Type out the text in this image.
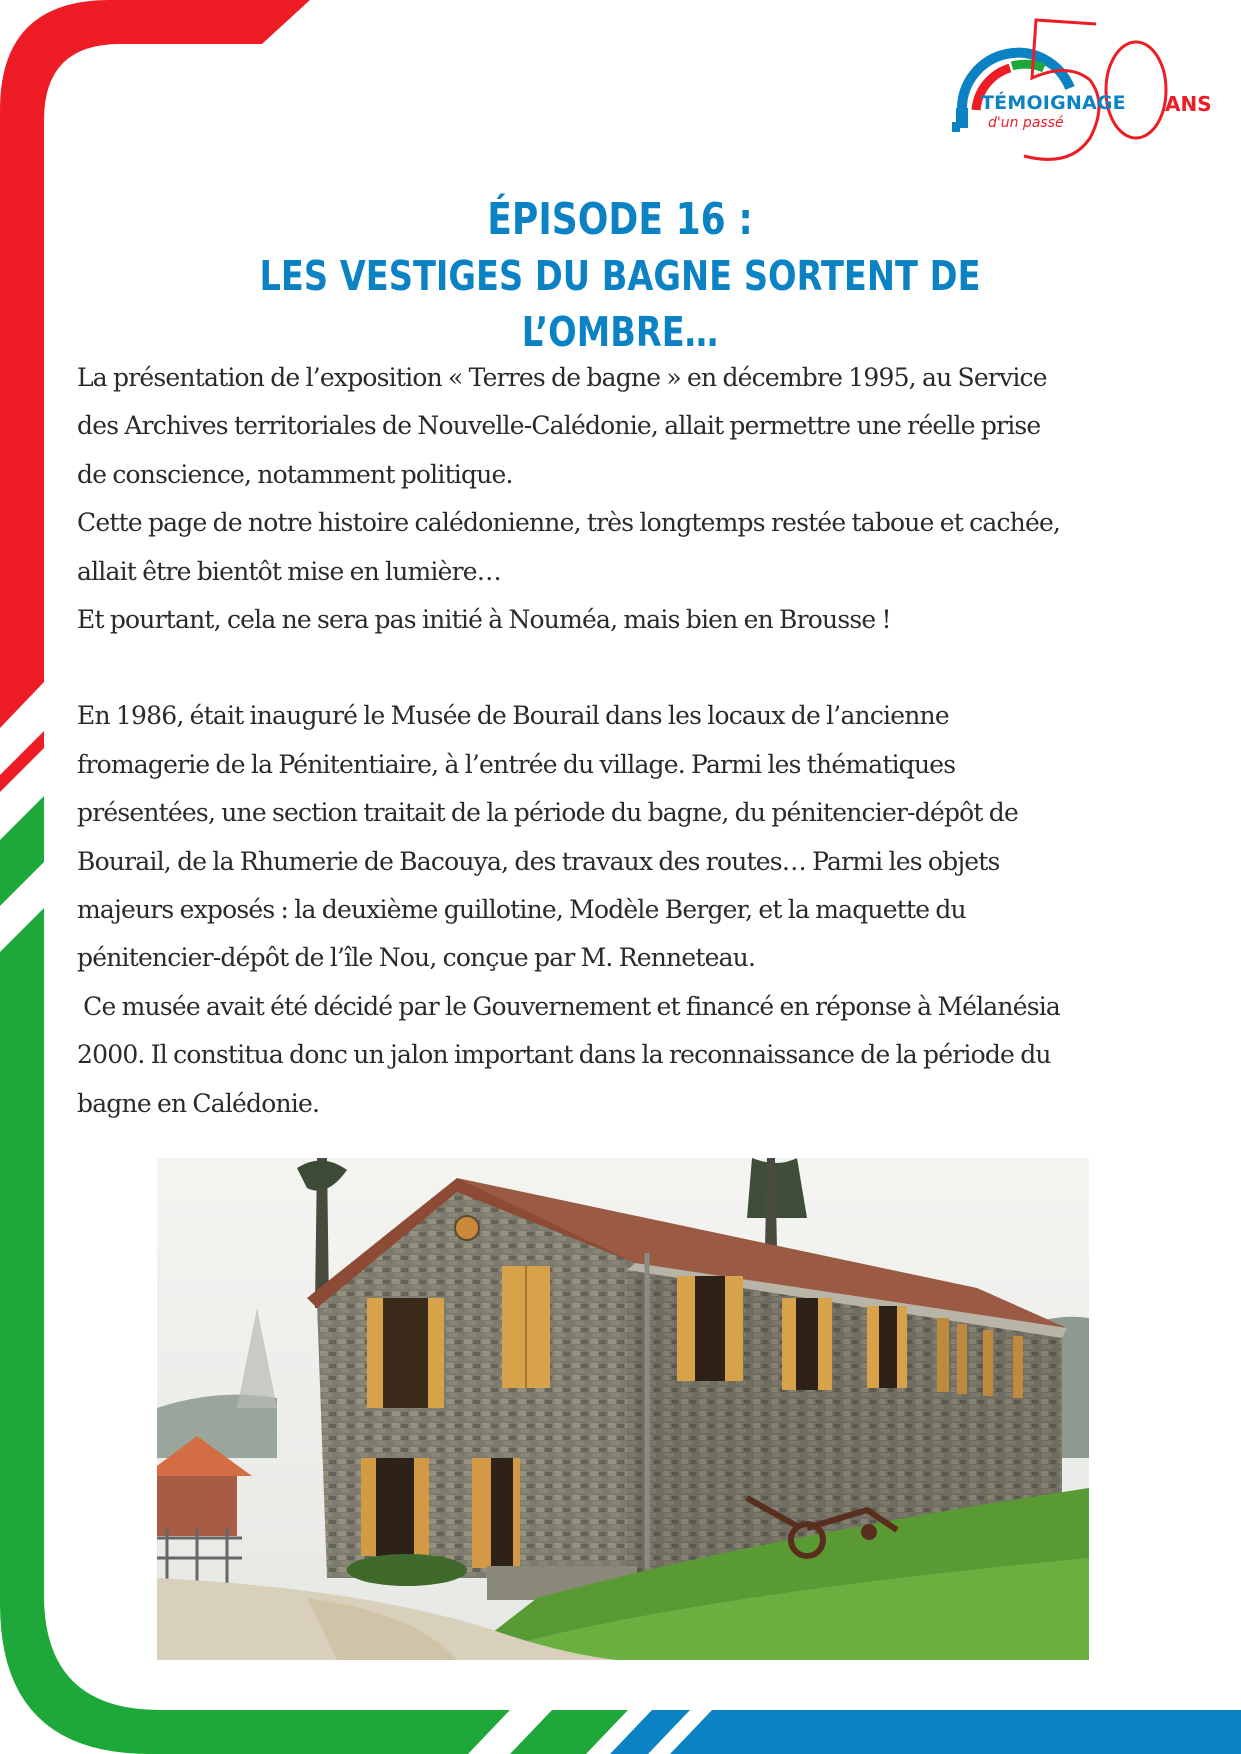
TÉMOIGNAGE

d'un passé

ANS

ÉPISODE 16 :
LES VESTIGES DU BAGNE SORTENT DE L’OMBRE…

La présentation de l’exposition « Terres de bagne » en décembre 1995, au Service

des Archives territoriales de Nouvelle-Calédonie, allait permettre une réelle prise

de conscience, notamment politique.

Cette page de notre histoire calédonienne, très longtemps restée taboue et cachée,

allait être bientôt mise en lumière…

Et pourtant, cela ne sera pas initié à Nouméa, mais bien en Brousse !

En 1986, était inauguré le Musée de Bourail dans les locaux de l’ancienne

fromagerie de la Pénitentiaire, à l’entrée du village. Parmi les thématiques

présentées, une section traitait de la période du bagne, du pénitencier-dépôt de

Bourail, de la Rhumerie de Bacouya, des travaux des routes… Parmi les objets

majeurs exposés : la deuxième guillotine, Modèle Berger, et la maquette du

pénitencier-dépôt de l’île Nou, conçue par M. Renneteau.

Ce musée avait été décidé par le Gouvernement et financé en réponse à Mélanésia

2000. Il constitua donc un jalon important dans la reconnaissance de la période du

bagne en Calédonie.
